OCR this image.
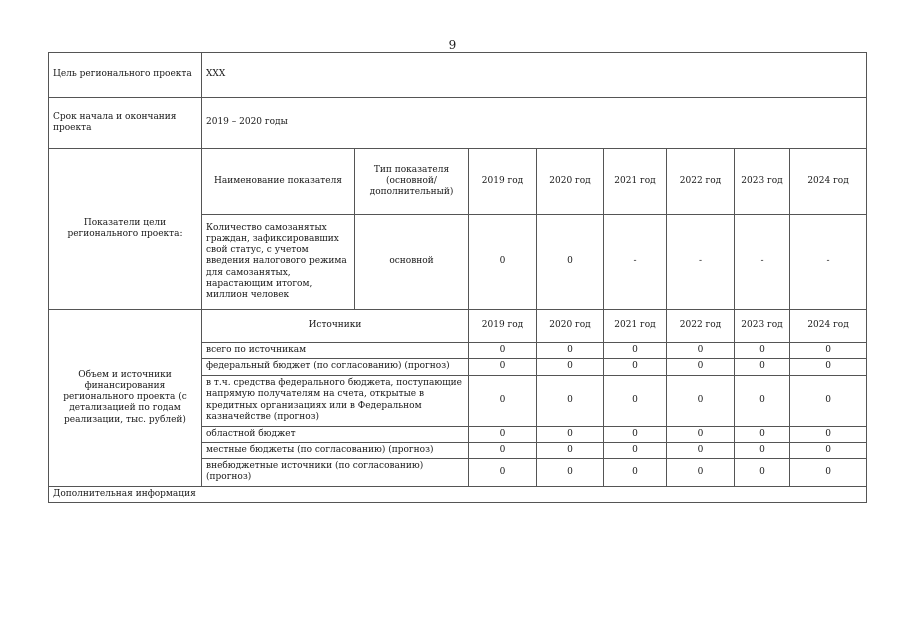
9
Цель регионального проекта	ХХХ							
Срок начала и окончания проекта	2019 – 2020 годы							
Показатели цели регионального проекта:	Наименование показателя	Тип показателя (основной/ дополнительный)	2019 год	2020 год	2021 год	2022 год	2023 год	2024 год
	Количество самозанятых граждан, зафиксировавших свой статус, с учетом введения налогового режима для самозанятых, нарастающим итогом, миллион человек	основной	0	0	-	-	-	-
Объем и источники финансирования регионального проекта (с детализацией по годам реализации, тыс. рублей)	Источники		2019 год	2020 год	2021 год	2022 год	2023 год	2024 год
	всего по источникам		0	0	0	0	0	0
	федеральный бюджет (по согласованию) (прогноз)		0	0	0	0	0	0
	в т.ч. средства федерального бюджета, поступающие напрямую получателям на счета, открытые в кредитных организациях или в Федеральном казначействе (прогноз)		0	0	0	0	0	0
	областной бюджет		0	0	0	0	0	0
	местные бюджеты (по согласованию) (прогноз)		0	0	0	0	0	0
	внебюджетные источники (по согласованию) (прогноз)		0	0	0	0	0	0
Дополнительная информация								
